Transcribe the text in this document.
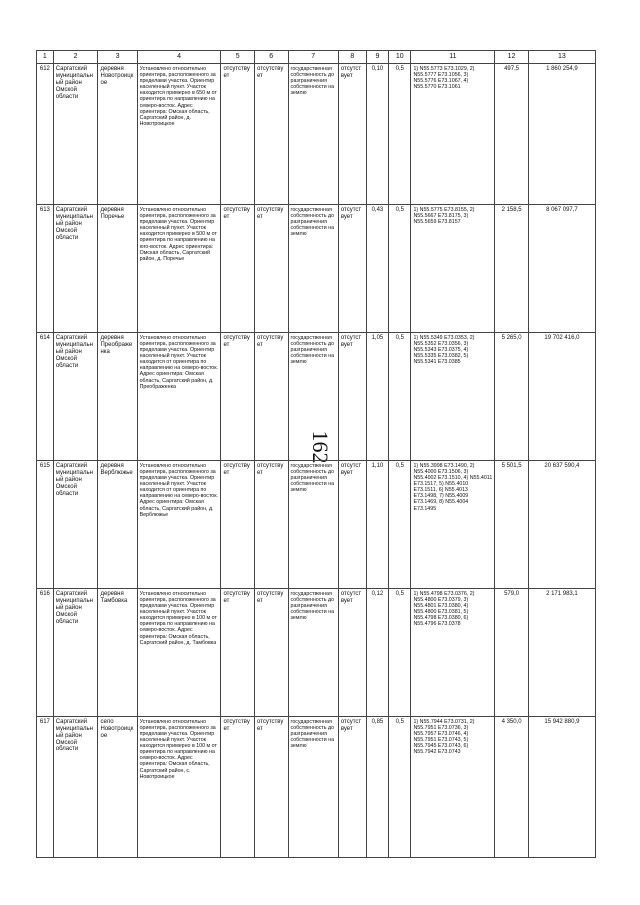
162
1	2	3	4	5	6	7	8	9	10	11	12	13
612	Саргатский муниципальный район Омской области	деревня Новотроицкое	Установлено относительно ориентира, расположенного за пределами участка. Ориентир населенный пункт. Участок находится примерно в 650 м от ориентира по направлению на северо-восток. Адрес ориентира: Омская область, Саргатский район, д. Новотроицкое	отсутствует	отсутствует	государственная собственность до разграничения собственности на землю	отсутствует	0,10	0,5	1) N55.5773 E73.1029, 2) N55.5777 E73.1056, 3) N55.5776 E73.1067, 4) N55.5770 E73.1061	497,5	1 860 254,9
613	Саргатский муниципальный район Омской области	деревня Поречье	Установлено относительно ориентира, расположенного за пределами участка. Ориентир населенный пункт. Участок находится примерно в 500 м от ориентира по направлению на юго-восток. Адрес ориентира: Омская область, Саргатский район, д. Поречье	отсутствует	отсутствует	государственная собственность до разграничения собственности на землю	отсутствует	0,43	0,5	1) N55.5775 E73.8155, 2) N55.5667 E73.8175, 3) N55.5659 E73.8157	2 158,5	8 067 097,7
614	Саргатский муниципальный район Омской области	деревня Преображенка	Установлено относительно ориентира, расположенного за пределами участка. Ориентир населенный пункт. Участок находится от ориентира по направлению на северо-восток. Адрес ориентира: Омская область, Саргатский район, д. Преображенка	отсутствует	отсутствует	государственная собственность до разграничения собственности на землю	отсутствует	1,05	0,5	1) N55.5349 E73.0353, 2) N55.5352 E73.0356, 3) N55.5343 E73.0375, 4) N55.5335 E73.0382, 5) N55.5341 E73.0385	5 265,0	19 702 416,0
615	Саргатский муниципальный район Омской области	деревня Верблюжье	Установлено относительно ориентира, расположенного за пределами участка. Ориентир населенный пункт. Участок находится от ориентира по направлению на северо-восток. Адрес ориентира: Омская область, Саргатский район, д. Верблюжье	отсутствует	отсутствует	государственная собственность до разграничения собственности на землю	отсутствует	1,10	0,5	1) N55.3998 E73.1490, 2) N55.4000 E73.1506, 3) N55.4002 E73.1510, 4) N55.4011 E73.1517, 5) N55.4010 E73.1511, 6) N55.4013 E73.1498, 7) N55.4009 E73.1469, 8) N55.4004 E73.1495	5 501,5	20 637 590,4
616	Саргатский муниципальный район Омской области	деревня Тамбовка	Установлено относительно ориентира, расположенного за пределами участка. Ориентир населенный пункт. Участок находится примерно в 100 м от ориентира по направлению на северо-восток. Адрес ориентира: Омская область, Саргатский район, д. Тамбовка	отсутствует	отсутствует	государственная собственность до разграничения собственности на землю	отсутствует	0,12	0,5	1) N55.4798 E73.0376, 2) N55.4800 E73.0379, 3) N55.4801 E73.0380, 4) N55.4800 E73.0381, 5) N55.4798 E73.0380, 6) N55.4796 E73.0378	579,0	2 171 983,1
617	Саргатский муниципальный район Омской области	село Новотроицкое	Установлено относительно ориентира, расположенного за пределами участка. Ориентир населенный пункт. Участок находится примерно в 100 м от ориентира по направлению на северо-восток. Адрес ориентира: Омская область, Саргатский район, с. Новотроицкое	отсутствует	отсутствует	государственная собственность до разграничения собственности на землю	отсутствует	0,85	0,5	1) N55.7944 E73.0731, 2) N55.7951 E73.0736, 3) N55.7957 E73.0746, 4) N55.7951 E73.0743, 5) N55.7945 E73.0743, 6) N55.7942 E73.0743	4 350,0	15 942 880,9
